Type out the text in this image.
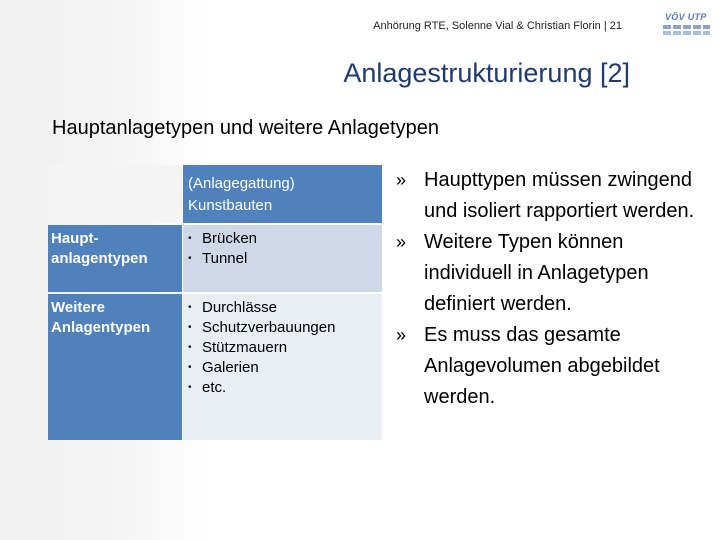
Anhörung RTE, Solenne Vial & Christian Florin | 21
VÖV UTP
Anlagestrukturierung [2]
Hauptanlagetypen und weitere Anlagetypen
(Anlagegattung)
Kunstbauten
Haupt-
anlagentypen
• Brücken
• Tunnel
Weitere
Anlagentypen
• Durchlässe
• Schutzverbauungen
• Stützmauern
• Galerien
• etc.
» Haupttypen müssen zwingend und isoliert rapportiert werden.
» Weitere Typen können individuell in Anlagetypen definiert werden.
» Es muss das gesamte Anlagevolumen abgebildet werden.
